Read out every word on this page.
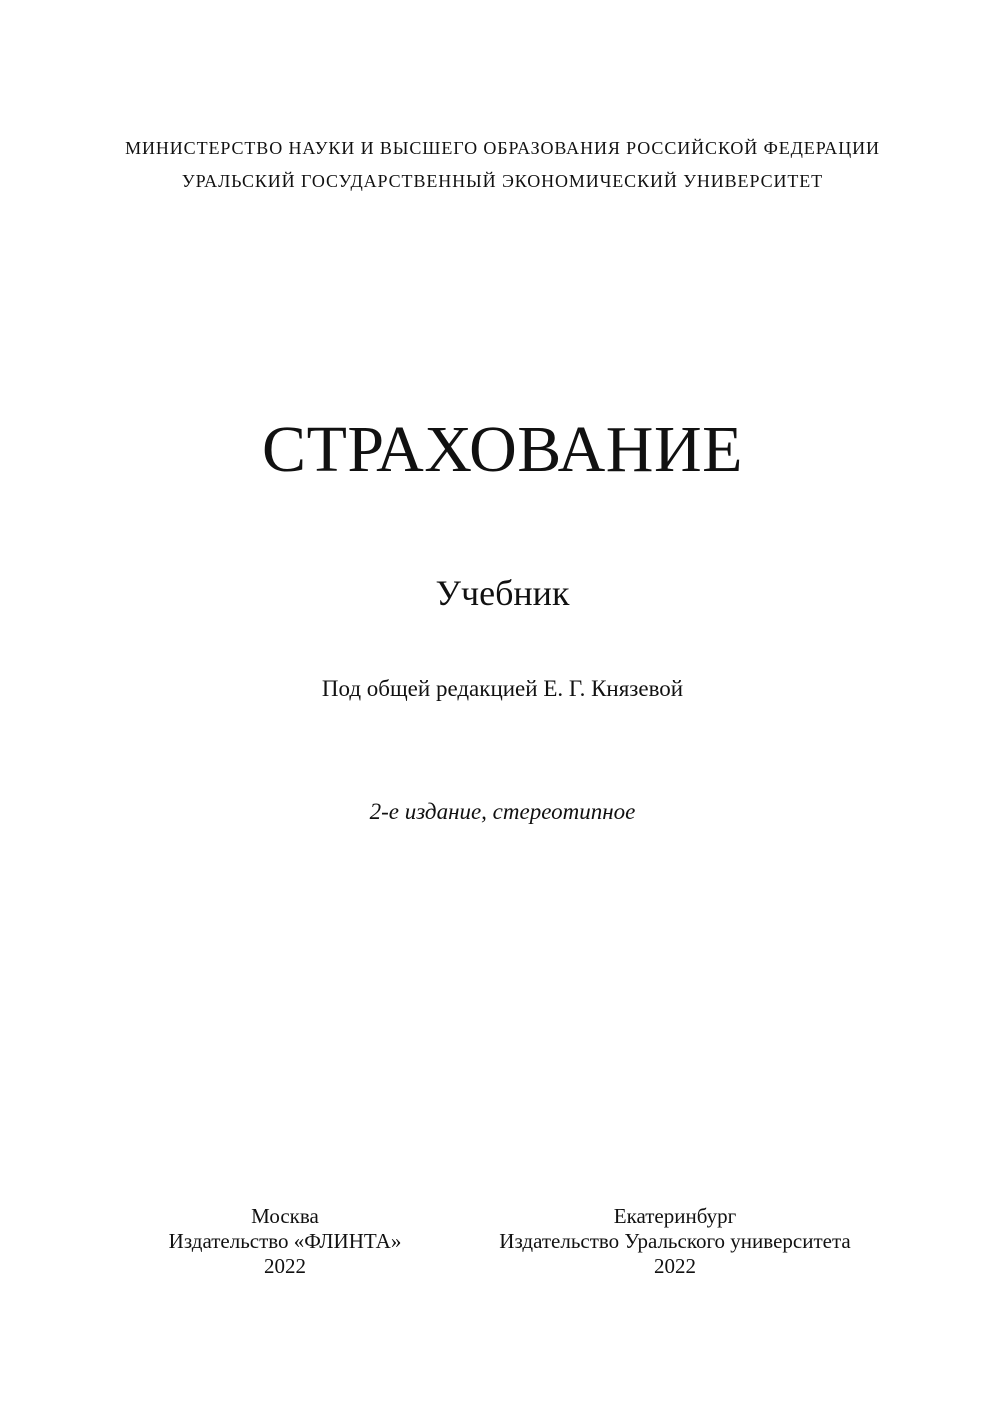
МИНИСТЕРСТВО НАУКИ И ВЫСШЕГО ОБРАЗОВАНИЯ РОССИЙСКОЙ ФЕДЕРАЦИИ
УРАЛЬСКИЙ ГОСУДАРСТВЕННЫЙ ЭКОНОМИЧЕСКИЙ УНИВЕРСИТЕТ
СТРАХОВАНИЕ
Учебник
Под общей редакцией Е. Г. Князевой
2-е издание, стереотипное
Москва
Издательство «ФЛИНТА»
2022
Екатеринбург
Издательство Уральского университета
2022
